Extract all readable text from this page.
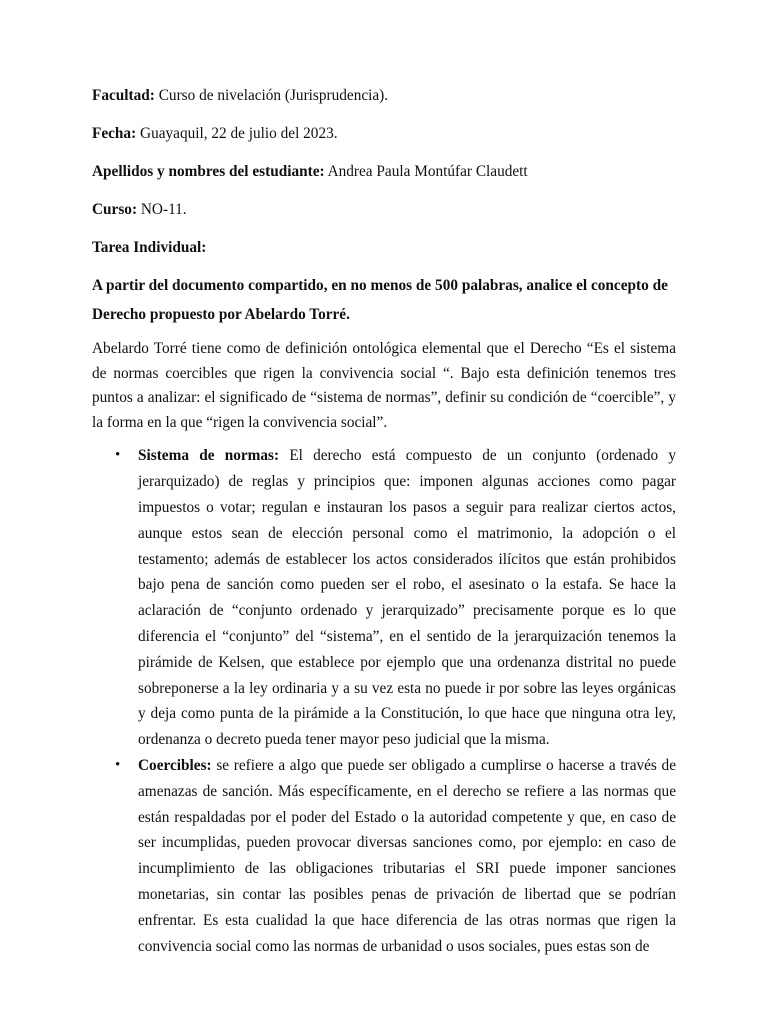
Facultad: Curso de nivelación (Jurisprudencia).

Fecha: Guayaquil, 22 de julio del 2023.

Apellidos y nombres del estudiante: Andrea Paula Montúfar Claudett

Curso: NO-11.

Tarea Individual:

A partir del documento compartido, en no menos de 500 palabras, analice el concepto de Derecho propuesto por Abelardo Torré.

Abelardo Torré tiene como de definición ontológica elemental que el Derecho “Es el sistema de normas coercibles que rigen la convivencia social “. Bajo esta definición tenemos tres puntos a analizar: el significado de “sistema de normas”, definir su condición de “coercible”, y la forma en la que “rigen la convivencia social”.

• Sistema de normas: El derecho está compuesto de un conjunto (ordenado y jerarquizado) de reglas y principios que: imponen algunas acciones como pagar impuestos o votar; regulan e instauran los pasos a seguir para realizar ciertos actos, aunque estos sean de elección personal como el matrimonio, la adopción o el testamento; además de establecer los actos considerados ilícitos que están prohibidos bajo pena de sanción como pueden ser el robo, el asesinato o la estafa. Se hace la aclaración de “conjunto ordenado y jerarquizado” precisamente porque es lo que diferencia el “conjunto” del “sistema”, en el sentido de la jerarquización tenemos la pirámide de Kelsen, que establece por ejemplo que una ordenanza distrital no puede sobreponerse a la ley ordinaria y a su vez esta no puede ir por sobre las leyes orgánicas y deja como punta de la pirámide a la Constitución, lo que hace que ninguna otra ley, ordenanza o decreto pueda tener mayor peso judicial que la misma.
• Coercibles: se refiere a algo que puede ser obligado a cumplirse o hacerse a través de amenazas de sanción. Más específicamente, en el derecho se refiere a las normas que están respaldadas por el poder del Estado o la autoridad competente y que, en caso de ser incumplidas, pueden provocar diversas sanciones como, por ejemplo: en caso de incumplimiento de las obligaciones tributarias el SRI puede imponer sanciones monetarias, sin contar las posibles penas de privación de libertad que se podrían enfrentar. Es esta cualidad la que hace diferencia de las otras normas que rigen la convivencia social como las normas de urbanidad o usos sociales, pues estas son de
